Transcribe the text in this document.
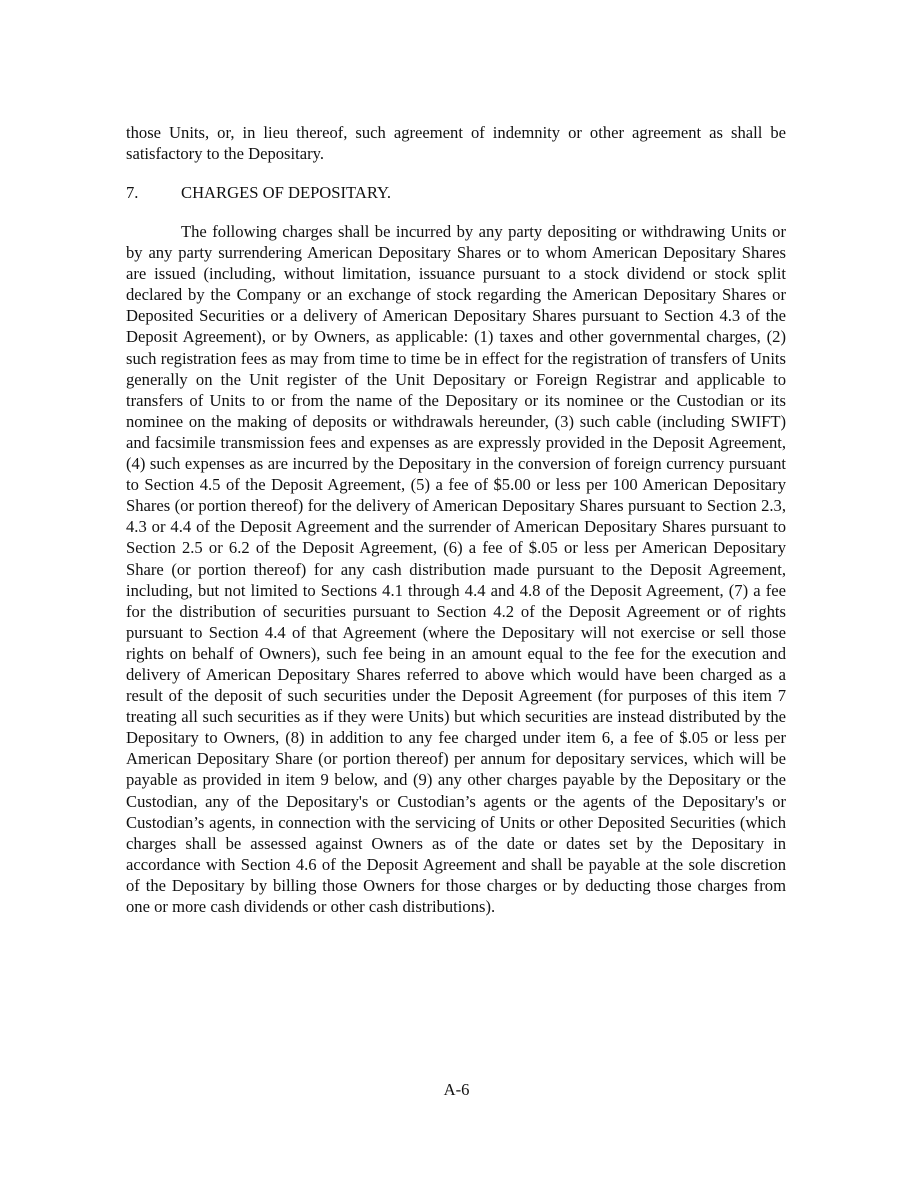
those Units, or, in lieu thereof, such agreement of indemnity or other agreement as shall be satisfactory to the Depositary.

7.	CHARGES OF DEPOSITARY.

The following charges shall be incurred by any party depositing or withdrawing Units or by any party surrendering American Depositary Shares or to whom American Depositary Shares are issued (including, without limitation, issuance pursuant to a stock dividend or stock split declared by the Company or an exchange of stock regarding the American Depositary Shares or Deposited Securities or a delivery of American Depositary Shares pursuant to Section 4.3 of the Deposit Agreement), or by Owners, as applicable: (1) taxes and other governmental charges, (2) such registration fees as may from time to time be in effect for the registration of transfers of Units generally on the Unit register of the Unit Depositary or Foreign Registrar and applicable to transfers of Units to or from the name of the Depositary or its nominee or the Custodian or its nominee on the making of deposits or withdrawals hereunder, (3) such cable (including SWIFT) and facsimile transmission fees and expenses as are expressly provided in the Deposit Agreement, (4) such expenses as are incurred by the Depositary in the conversion of foreign currency pursuant to Section 4.5 of the Deposit Agreement, (5) a fee of $5.00 or less per 100 American Depositary Shares (or portion thereof) for the delivery of American Depositary Shares pursuant to Section 2.3, 4.3 or 4.4 of the Deposit Agreement and the surrender of American Depositary Shares pursuant to Section 2.5 or 6.2 of the Deposit Agreement, (6) a fee of $.05 or less per American Depositary Share (or portion thereof) for any cash distribution made pursuant to the Deposit Agreement, including, but not limited to Sections 4.1 through 4.4 and 4.8 of the Deposit Agreement, (7) a fee for the distribution of securities pursuant to Section 4.2 of the Deposit Agreement or of rights pursuant to Section 4.4 of that Agreement (where the Depositary will not exercise or sell those rights on behalf of Owners), such fee being in an amount equal to the fee for the execution and delivery of American Depositary Shares referred to above which would have been charged as a result of the deposit of such securities under the Deposit Agreement (for purposes of this item 7 treating all such securities as if they were Units) but which securities are instead distributed by the Depositary to Owners, (8) in addition to any fee charged under item 6, a fee of $.05 or less per American Depositary Share (or portion thereof) per annum for depositary services, which will be payable as provided in item 9 below, and (9) any other charges payable by the Depositary or the Custodian, any of the Depositary's or Custodian’s agents or the agents of the Depositary's or Custodian’s agents, in connection with the servicing of Units or other Deposited Securities (which charges shall be assessed against Owners as of the date or dates set by the Depositary in accordance with Section 4.6 of the Deposit Agreement and shall be payable at the sole discretion of the Depositary by billing those Owners for those charges or by deducting those charges from one or more cash dividends or other cash distributions).

A-6
